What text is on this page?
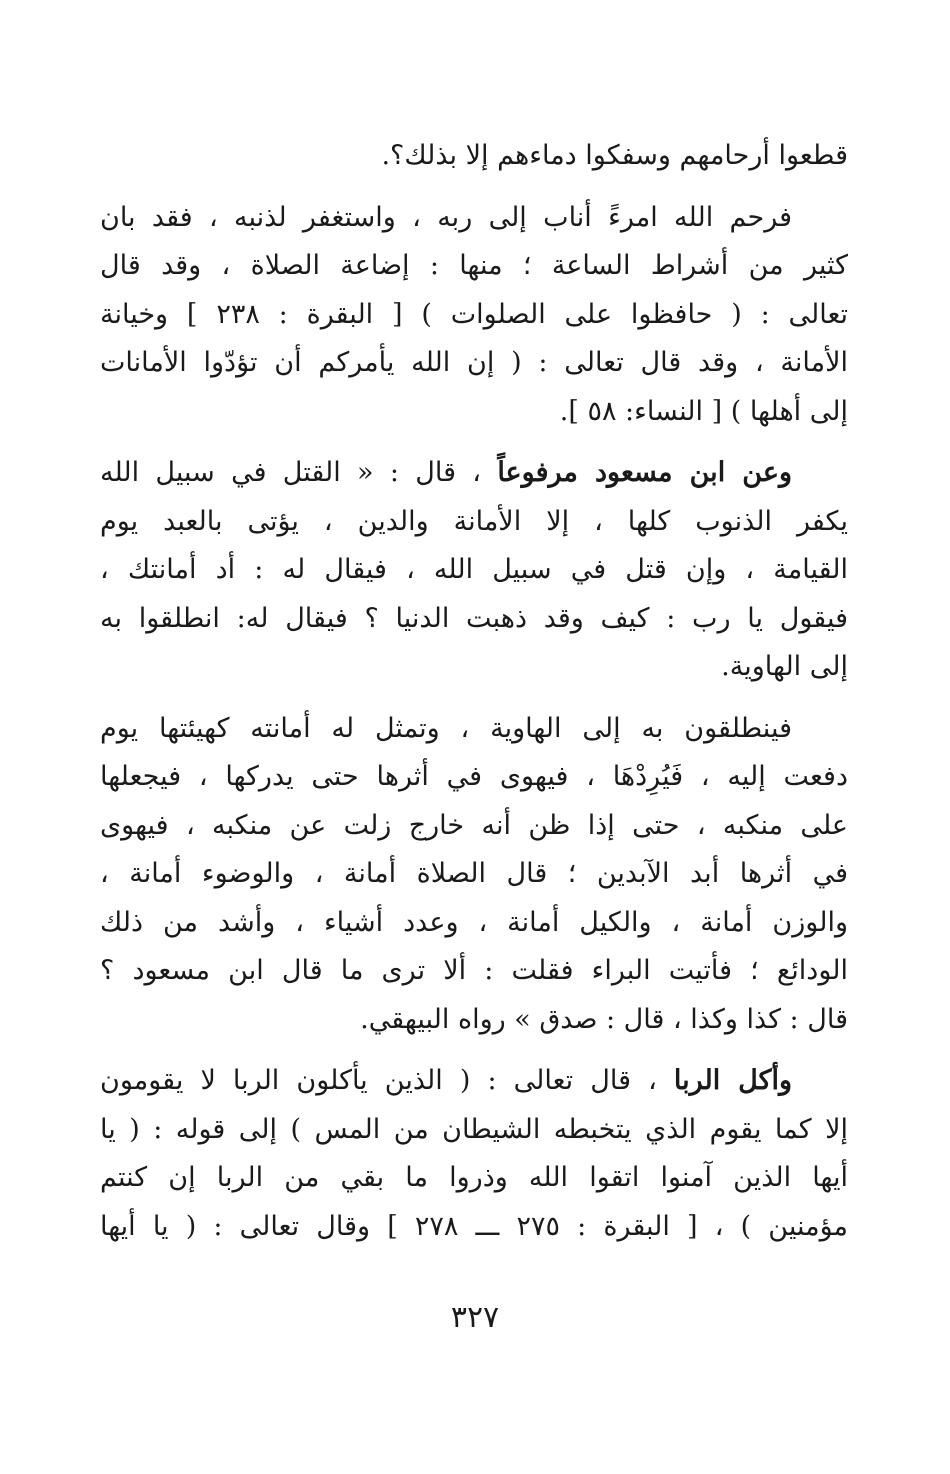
قطعوا أرحامهم وسفكوا دماءهم إلا بذلك؟.
فرحم الله امرءً أناب إلى ربه ، واستغفر لذنبه ، فقد بان
كثير من أشراط الساعة ؛ منها : إضاعة الصلاة ، وقد قال
تعالى : ( حافظوا على الصلوات ) [ البقرة : ٢٣٨ ] وخيانة
الأمانة ، وقد قال تعالى : ( إن الله يأمركم أن تؤدّوا الأمانات
إلى أهلها ) [ النساء: ٥٨ ].
وعن ابن مسعود مرفوعاً ، قال : « القتل في سبيل الله
يكفر الذنوب كلها ، إلا الأمانة والدين ، يؤتى بالعبد يوم
القيامة ، وإن قتل في سبيل الله ، فيقال له : أد أمانتك ،
فيقول يا رب : كيف وقد ذهبت الدنيا ؟ فيقال له: انطلقوا به
إلى الهاوية.
فينطلقون به إلى الهاوية ، وتمثل له أمانته كهيئتها يوم
دفعت إليه ، فَيُرِدْهَا ، فيهوى في أثرها حتى يدركها ، فيجعلها
على منكبه ، حتى إذا ظن أنه خارج زلت عن منكبه ، فيهوى
في أثرها أبد الآبدين ؛ قال الصلاة أمانة ، والوضوء أمانة ،
والوزن أمانة ، والكيل أمانة ، وعدد أشياء ، وأشد من ذلك
الودائع ؛ فأتيت البراء فقلت : ألا ترى ما قال ابن مسعود ؟
قال : كذا وكذا ، قال : صدق » رواه البيهقي.
وأكل الربا ، قال تعالى : ( الذين يأكلون الربا لا يقومون
إلا كما يقوم الذي يتخبطه الشيطان من المس ) إلى قوله : ( يا
أيها الذين آمنوا اتقوا الله وذروا ما بقي من الربا إن كنتم
مؤمنين ) ، [ البقرة : ٢٧٥ ـــ ٢٧٨ ] وقال تعالى : ( يا أيها
٣٢٧
